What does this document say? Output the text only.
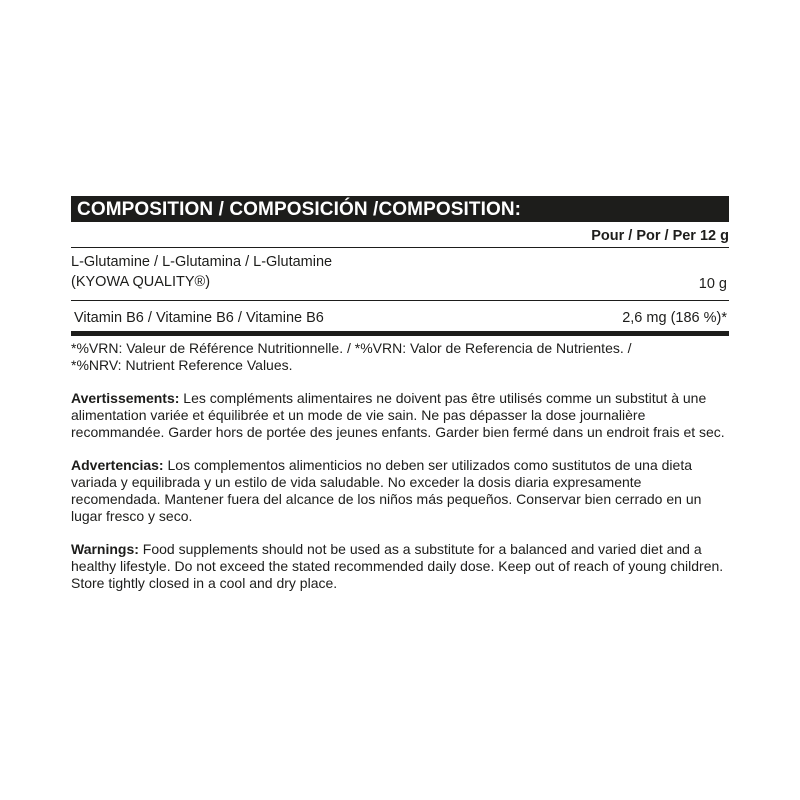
COMPOSITION / COMPOSICIÓN /COMPOSITION:
Pour / Por / Per 12 g
L-Glutamine / L-Glutamina / L-Glutamine
(KYOWA QUALITY®)	10 g
Vitamin B6 / Vitamine B6 / Vitamine B6	2,6 mg (186 %)*
*%VRN: Valeur de Référence Nutritionnelle. / *%VRN: Valor de Referencia de Nutrientes. /
*%NRV: Nutrient Reference Values.
Avertissements: Les compléments alimentaires ne doivent pas être utilisés comme un substitut à une alimentation variée et équilibrée et un mode de vie sain. Ne pas dépasser la dose journalière recommandée. Garder hors de portée des jeunes enfants. Garder bien fermé dans un endroit frais et sec.
Advertencias: Los complementos alimenticios no deben ser utilizados como sustitutos de una dieta variada y equilibrada y un estilo de vida saludable. No exceder la dosis diaria expresamente recomendada. Mantener fuera del alcance de los niños más pequeños. Conservar bien cerrado en un lugar fresco y seco.
Warnings: Food supplements should not be used as a substitute for a balanced and varied diet and a healthy lifestyle. Do not exceed the stated recommended daily dose. Keep out of reach of young children. Store tightly closed in a cool and dry place.
